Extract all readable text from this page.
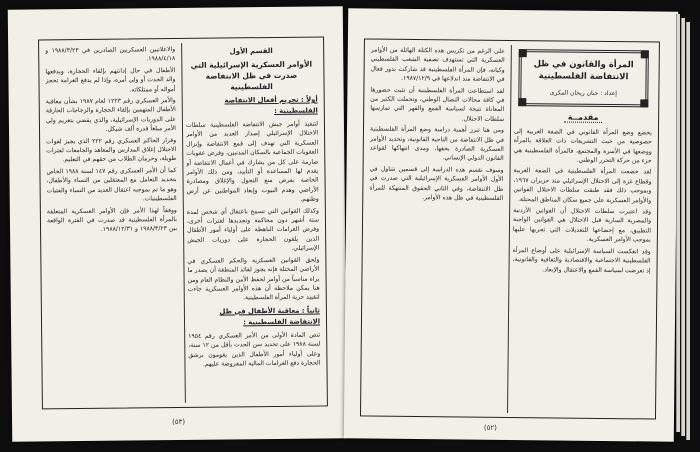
القسم الأول
الأوامر العسكرية الإسرائيلية التي صدرت في ظل الانتفاضة الفلسطينية
أولاً : تجريم أفعال الانتفاضة الفلسطينية :

لتنفيذ أوامر جيش الانتفاضة الفلسطينية سلطات الاحتلال الإسرائيلي إصدار العديد من الأوامر العسكرية التي تهدف إلى قمع الانتفاضة وإنزال العقوبات الجماعية بالسكان المدنيين، وفرض عقوبات صارمة على كل من يشارك في أعمال الانتفاضة أو يقدم لها المساعدة أو التأييد، ومن ذلك الأوامر الخاصة بفرض منع التجول والإغلاق ومصادرة الأراضي وهدم البيوت وإبعاد المواطنين عن أرض وطنهم.

وكذلك القوانين التي تسمح باعتقال أي شخص لمدة ستة أشهر دون محاكمة وتجديدها لفترات أخرى، وفرض الغرامات الباهظة على أولياء أمور الأطفال الذين يلقون الحجارة على دوريات الجيش الإسرائيلي.

ولحق القوانين العسكرية والحكم العسكري في الأراضي المحتلة فإنه يجوز لقائد المنطقة أن يصدر ما يراه مناسباً من أوامر لحفظ الأمن والنظام العام ومن هنا يمكن ملاحظة أن هذه الأوامر العسكرية جاءت لتقييد حرية المرأة الفلسطينية.

ثانياً : معاقبة الأطفال في ظل الانتفاضة الفلسطينية :

تنص المادة الأولى من الأمر العسكري رقم ١٩٥٤ لسنة ١٩٨٨ على تحديد سن الحدث بأقل من ١٢ سنة، وعلى أولياء أمور الأطفال الذين يقومون برشق الحجارة دفع الغرامات المالية المفروضة عليهم.

والاعلانيين العسكريين الصادرين في ١٩٨٨/٣/٢٣ و ١٩٨٨/٤/١٨.

الأطفال في حال إدانتهم بإلقاء الحجارة، ويدفعها والد الحدث أو ولي أمره، وإذا لم يدفع الغرامة تحجز أمواله أو ممتلكاته.

والأمر العسكري رقم ١٢٢٣ لعام ١٩٨٧ بشأن معاقبة الأطفال المتهمين بإلقاء الحجارة والزجاجات الحارقة على الدوريات الإسرائيلية، والذي يقضي بتغريم ولي الأمر مبلغاً قدره ألف شيكل.

وقرار الحاكم العسكري رقم ٢٢٢ الذي يجيز لقوات الاحتلال إغلاق المدارس والمعاهد والجامعات لفترات طويلة، وحرمان الطلاب من حقهم في التعليم.

كما أن الأمر العسكري رقم ١٤٧ لسنة ١٩٨٨ الخاص بتحديد التعامل مع المعتقلين من النساء والأطفال، وهو ما تم بموجبه اعتقال العديد من النساء والفتيات الفلسطينيات.

ووفقاً لهذا الأمر فإن الأوامر العسكرية المتعلقة بالمرأة الفلسطينية قد صدرت في الفترة الواقعة بين ١٩٨٨/٣/٢٣ و ١٩٨٨/١٢/٣١.

(٥٣)
المرأة والقانون في ظل الانتفاضة الفلسطينية
إعداد : حنان ريحان المكرى
مقدمــة

يخضع وضع المرأة القانوني في الضفة الغربية إلى خصوصية من حيث التشريعات ذات العلاقة بالمرأة ووضعها في الأسرة والمجتمع، فالمرأة الفلسطينية هي جزء من حركة التحرر الوطني.

لقد خضعت المرأة الفلسطينية في الضفة الغربية وقطاع غزة إلى الاحتلال الإسرائيلي منذ حزيران ١٩٦٧، وبموجب ذلك فقد طبقت سلطات الاحتلال القوانين والأوامر العسكرية على جميع سكان المناطق المحتلة.

وقد اعتبرت سلطات الاحتلال أن القوانين الأردنية والمصرية السارية قبل الاحتلال هي القوانين الواجبة التطبيق، مع إخضاعها للتعديلات التي تجريها عليها بموجب الأوامر العسكرية.

وقد انعكست السياسة الإسرائيلية على أوضاع المرأة الفلسطينية الاجتماعية والاقتصادية والثقافية والقانونية، إذ تعرضت لسياسة القمع والاعتقال والإبعاد.

على الرغم من تكريس هذه الكتلة الهائلة من الأوامر العسكرية التي تستهدف تصفية الشعب الفلسطيني وكيانه، فإن المرأة الفلسطينية قد شاركت بدور فعال في الانتفاضة منذ اندلاعها في ١٩٨٧/١٢/٩.

لقد استطاعت المرأة الفلسطينية أن تثبت حضورها في كافة مجالات النضال الوطني، وتحملت الكثير من المعاناة نتيجة لسياسة القمع والقهر التي تمارسها سلطات الاحتلال.

ومن هنا تبرز أهمية دراسة وضع المرأة الفلسطينية في ظل الانتفاضة من الناحية القانونية، وتحديد الأوامر العسكرية الصادرة بحقها، ومدى انتهاكها لقواعد القانون الدولي الإنساني.

وسوف نقسم هذه الدراسة إلى قسمين نتناول في الأول الأوامر العسكرية الإسرائيلية التي صدرت في ظل الانتفاضة، وفي الثاني الحقوق المنتهكة للمرأة الفلسطينية في ظل هذه الأوامر.

(٥٢)
